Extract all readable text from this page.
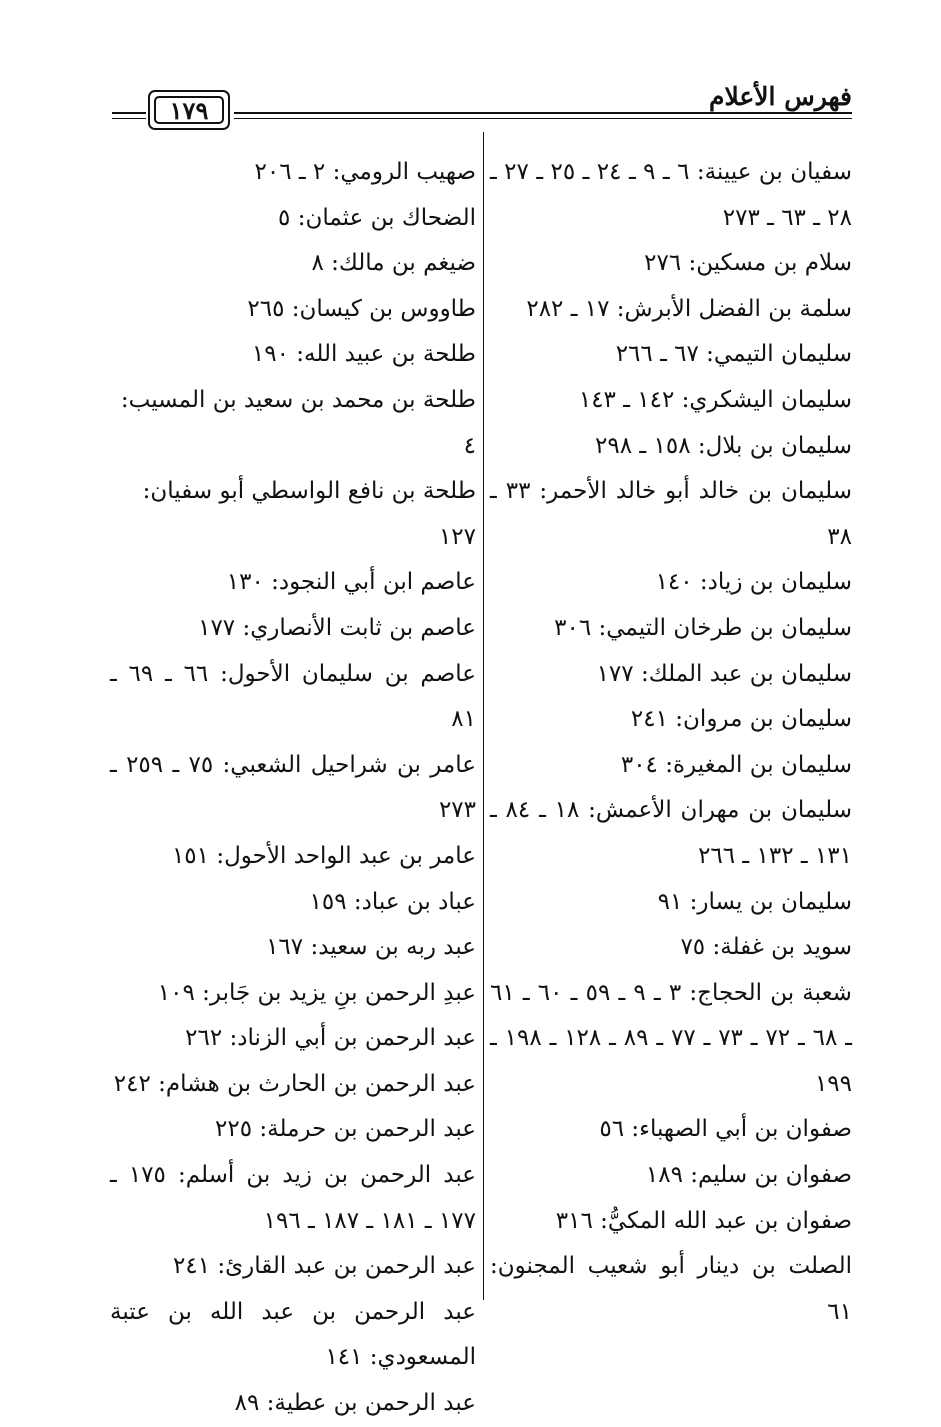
فهرس الأعلام
١٧٩
سفيان بن عيينة: ٦ ـ ٩ ـ ٢٤ ـ ٢٥ ـ ٢٧ ـ ٢٨ ـ ٦٣ ـ ٢٧٣
سلام بن مسكين: ٢٧٦
سلمة بن الفضل الأبرش: ١٧ ـ ٢٨٢
سليمان التيمي: ٦٧ ـ ٢٦٦
سليمان اليشكري: ١٤٢ ـ ١٤٣
سليمان بن بلال: ١٥٨ ـ ٢٩٨
سليمان بن خالد أبو خالد الأحمر: ٣٣ ـ ٣٨
سليمان بن زياد: ١٤٠
سليمان بن طرخان التيمي: ٣٠٦
سليمان بن عبد الملك: ١٧٧
سليمان بن مروان: ٢٤١
سليمان بن المغيرة: ٣٠٤
سليمان بن مهران الأعمش: ١٨ ـ ٨٤ ـ ١٣١ ـ ١٣٢ ـ ٢٦٦
سليمان بن يسار: ٩١
سويد بن غفلة: ٧٥
شعبة بن الحجاج: ٣ ـ ٩ ـ ٥٩ ـ ٦٠ ـ ٦١ ـ ٦٨ ـ ٧٢ ـ ٧٣ ـ ٧٧ ـ ٨٩ ـ ١٢٨ ـ ١٩٨ ـ ١٩٩
صفوان بن أبي الصهباء: ٥٦
صفوان بن سليم: ١٨٩
صفوان بن عبد الله المكيُّ: ٣١٦
الصلت بن دينار أبو شعيب المجنون: ٦١
صهيب الرومي: ٢ ـ ٢٠٦
الضحاك بن عثمان: ٥
ضيغم بن مالك: ٨
طاووس بن كيسان: ٢٦٥
طلحة بن عبيد الله: ١٩٠
طلحة بن محمد بن سعيد بن المسيب: ٤
طلحة بن نافع الواسطي أبو سفيان: ١٢٧
عاصم ابن أبي النجود: ١٣٠
عاصم بن ثابت الأنصاري: ١٧٧
عاصم بن سليمان الأحول: ٦٦ ـ ٦٩ ـ ٨١
عامر بن شراحيل الشعبي: ٧٥ ـ ٢٥٩ ـ ٢٧٣
عامر بن عبد الواحد الأحول: ١٥١
عباد بن عباد: ١٥٩
عبد ربه بن سعيد: ١٦٧
عبدِ الرحمن بنِ يزيد بن جَابر: ١٠٩
عبد الرحمن بن أبي الزناد: ٢٦٢
عبد الرحمن بن الحارث بن هشام: ٢٤٢
عبد الرحمن بن حرملة: ٢٢٥
عبد الرحمن بن زيد بن أسلم: ١٧٥ ـ ١٧٧ ـ ١٨١ ـ ١٨٧ ـ ١٩٦
عبد الرحمن بن عبد القارئ: ٢٤١
عبد الرحمن بن عبد الله بن عتبة المسعودي: ١٤١
عبد الرحمن بن عطية: ٨٩
